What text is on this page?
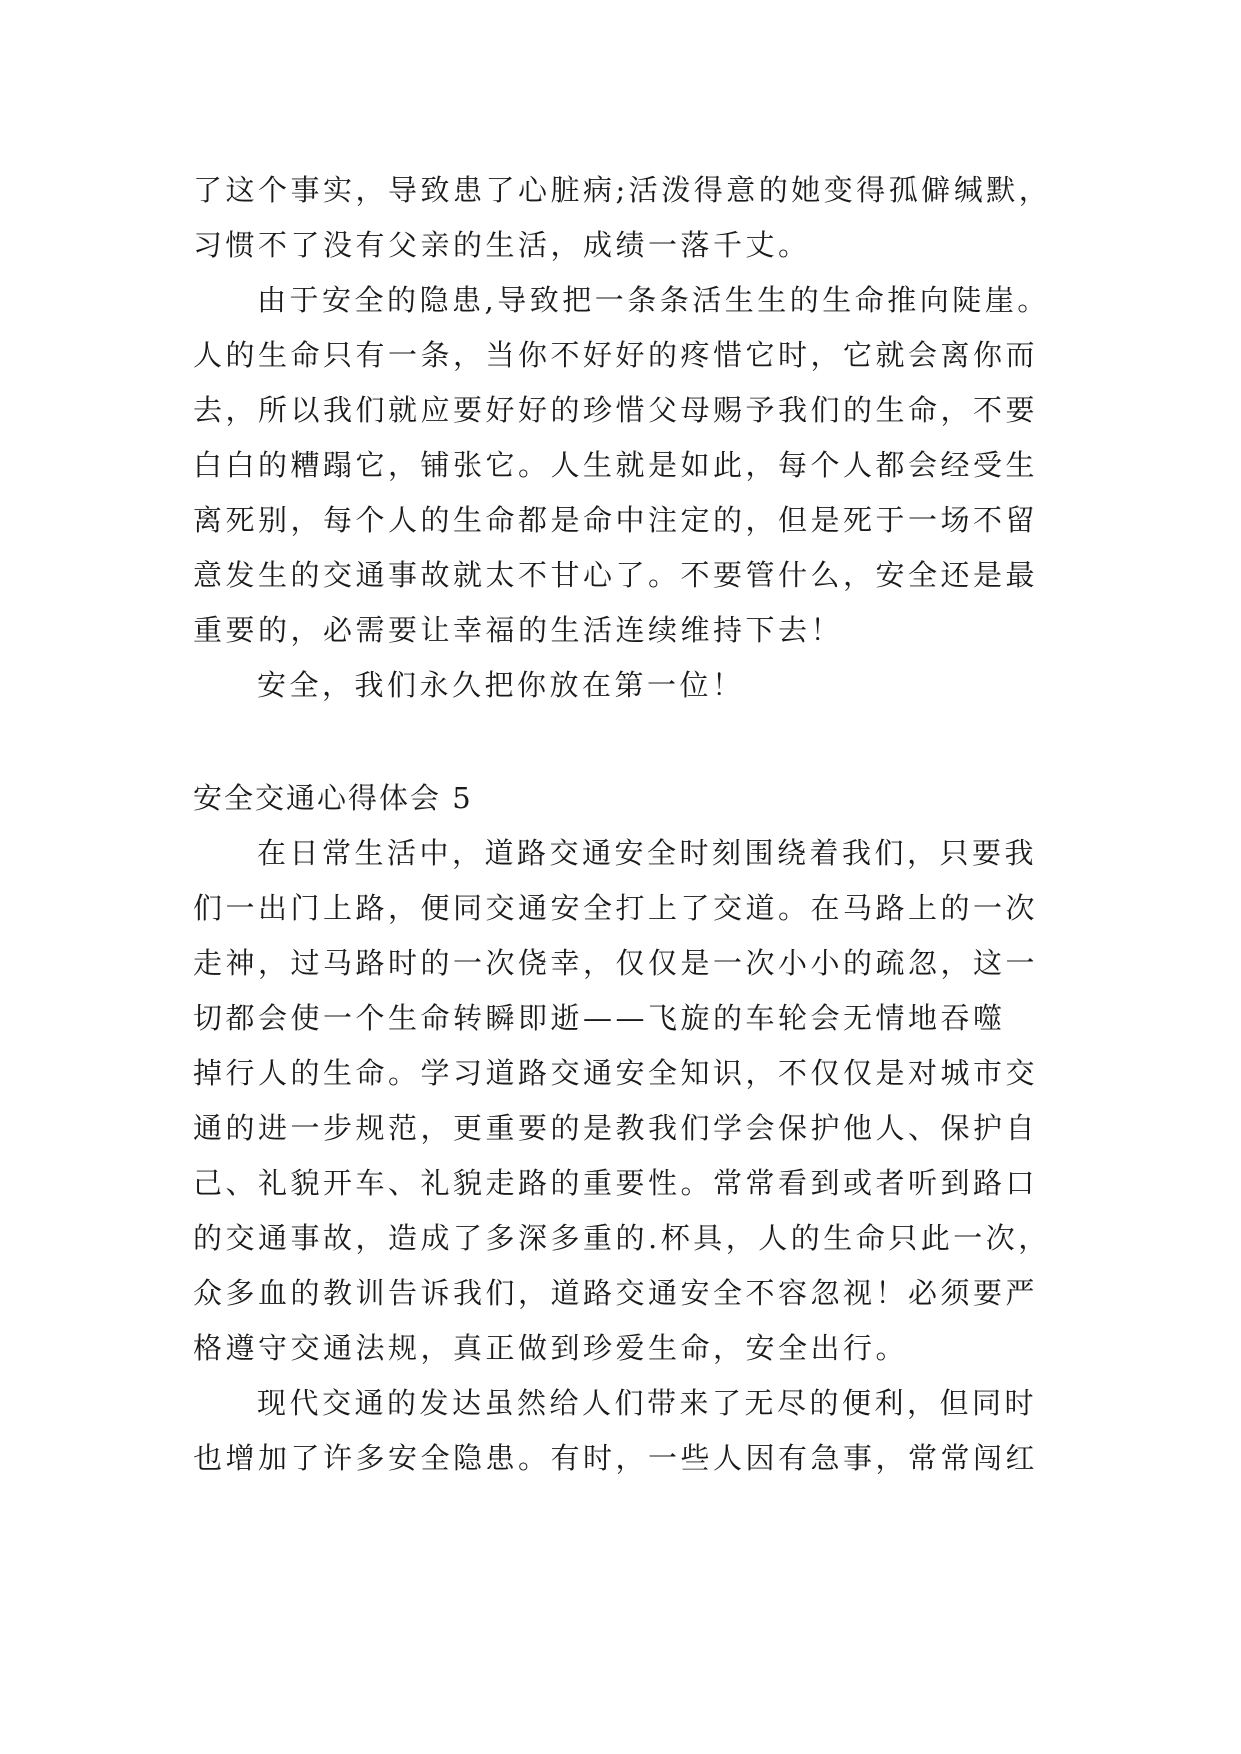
了这个事实，导致患了心脏病;活泼得意的她变得孤僻缄默，
习惯不了没有父亲的生活，成绩一落千丈。
由于安全的隐患,导致把一条条活生生的生命推向陡崖。
人的生命只有一条，当你不好好的疼惜它时，它就会离你而
去，所以我们就应要好好的珍惜父母赐予我们的生命，不要
白白的糟蹋它，铺张它。人生就是如此，每个人都会经受生
离死别，每个人的生命都是命中注定的，但是死于一场不留
意发生的交通事故就太不甘心了。不要管什么，安全还是最
重要的，必需要让幸福的生活连续维持下去！
安全，我们永久把你放在第一位！
安全交通心得体会 5
在日常生活中，道路交通安全时刻围绕着我们，只要我
们一出门上路，便同交通安全打上了交道。在马路上的一次
走神，过马路时的一次侥幸，仅仅是一次小小的疏忽，这一
切都会使一个生命转瞬即逝——飞旋的车轮会无情地吞噬
掉行人的生命。学习道路交通安全知识，不仅仅是对城市交
通的进一步规范，更重要的是教我们学会保护他人、保护自
己、礼貌开车、礼貌走路的重要性。常常看到或者听到路口
的交通事故，造成了多深多重的.杯具，人的生命只此一次，
众多血的教训告诉我们，道路交通安全不容忽视！必须要严
格遵守交通法规，真正做到珍爱生命，安全出行。
现代交通的发达虽然给人们带来了无尽的便利，但同时
也增加了许多安全隐患。有时，一些人因有急事，常常闯红
